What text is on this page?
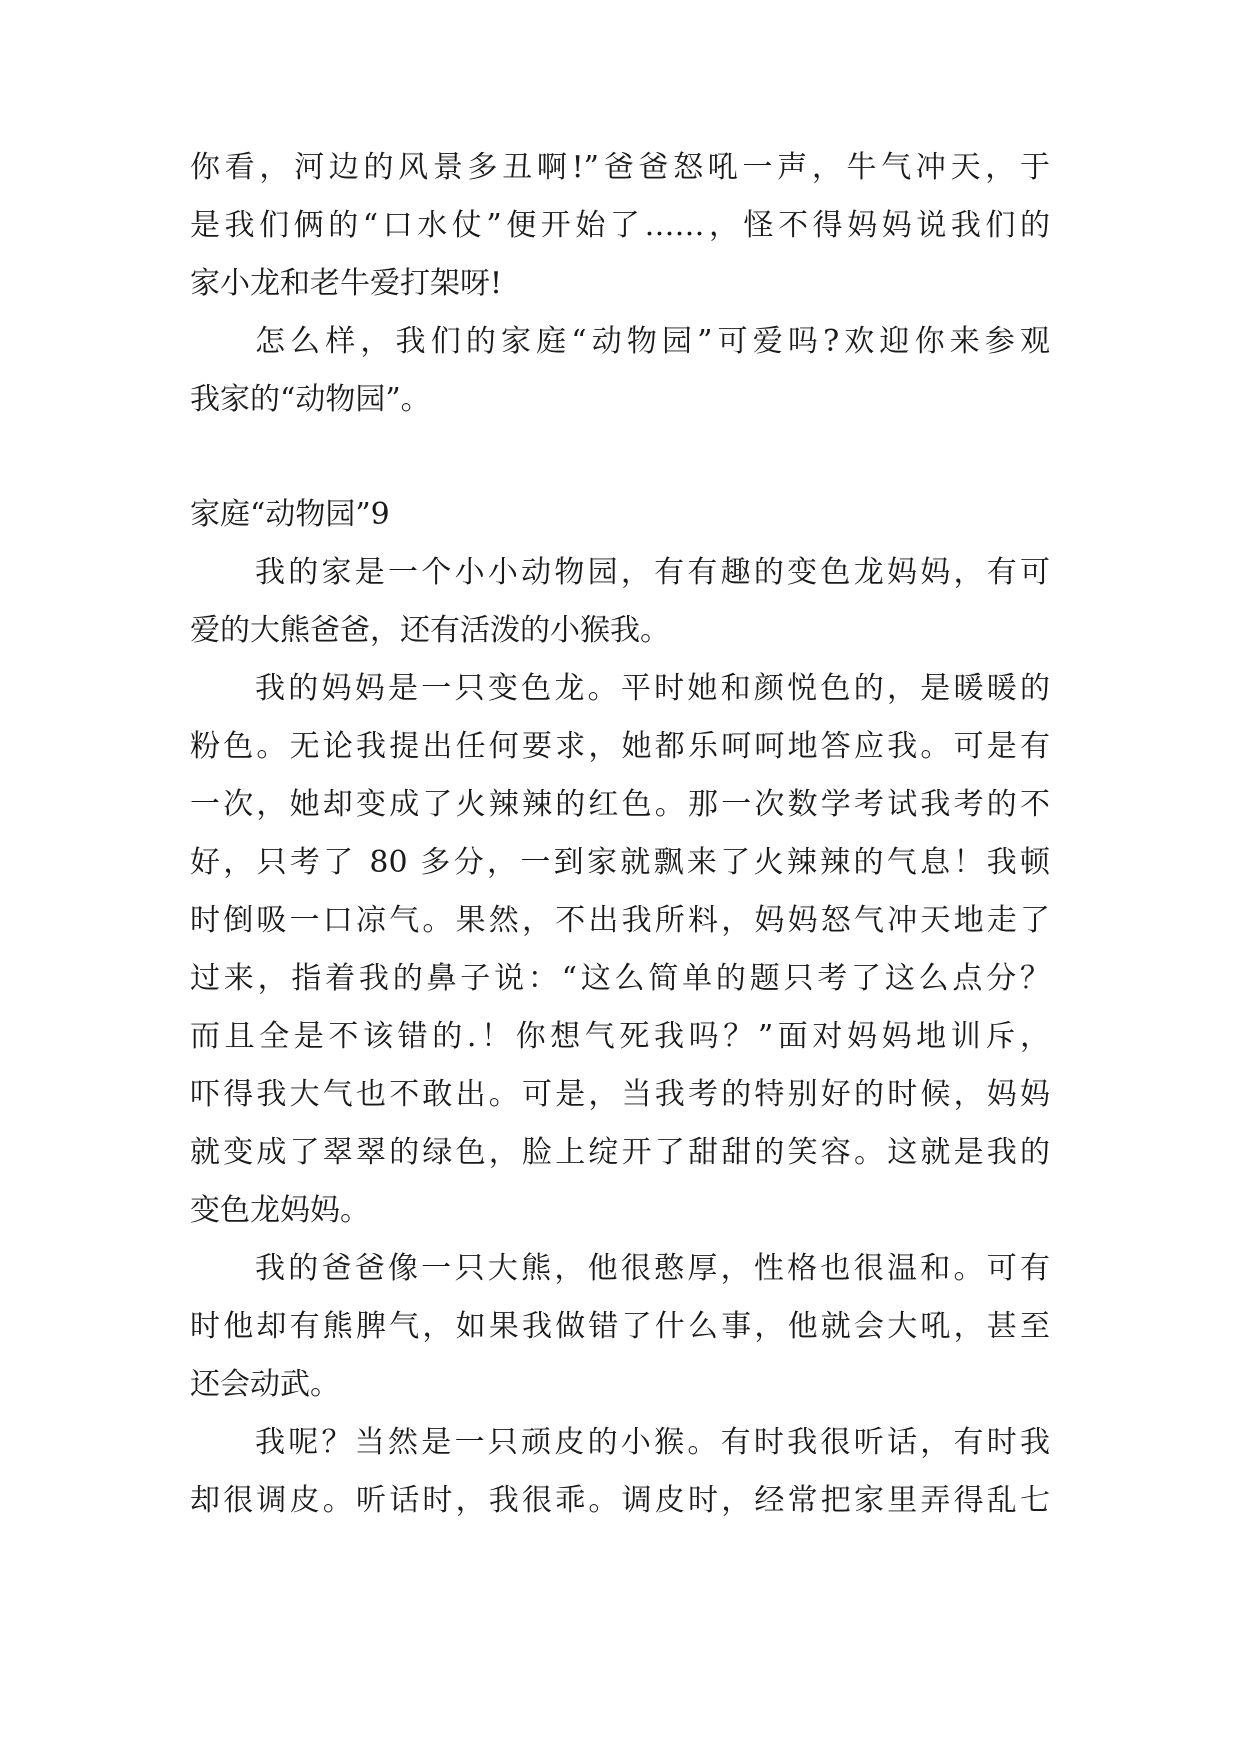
你看，河边的风景多丑啊!”爸爸怒吼一声，牛气冲天，于
是我们俩的“口水仗”便开始了……，怪不得妈妈说我们的
家小龙和老牛爱打架呀!
怎么样，我们的家庭“动物园”可爱吗?欢迎你来参观
我家的“动物园”。
家庭“动物园”9
我的家是一个小小动物园，有有趣的变色龙妈妈，有可
爱的大熊爸爸，还有活泼的小猴我。
我的妈妈是一只变色龙。平时她和颜悦色的，是暖暖的
粉色。无论我提出任何要求，她都乐呵呵地答应我。可是有
一次，她却变成了火辣辣的红色。那一次数学考试我考的不
好，只考了 80 多分，一到家就飘来了火辣辣的气息！我顿
时倒吸一口凉气。果然，不出我所料，妈妈怒气冲天地走了
过来，指着我的鼻子说：“这么简单的题只考了这么点分？
而且全是不该错的.！你想气死我吗？”面对妈妈地训斥，
吓得我大气也不敢出。可是，当我考的特别好的时候，妈妈
就变成了翠翠的绿色，脸上绽开了甜甜的笑容。这就是我的
变色龙妈妈。
我的爸爸像一只大熊，他很憨厚，性格也很温和。可有
时他却有熊脾气，如果我做错了什么事，他就会大吼，甚至
还会动武。
我呢？当然是一只顽皮的小猴。有时我很听话，有时我
却很调皮。听话时，我很乖。调皮时，经常把家里弄得乱七
